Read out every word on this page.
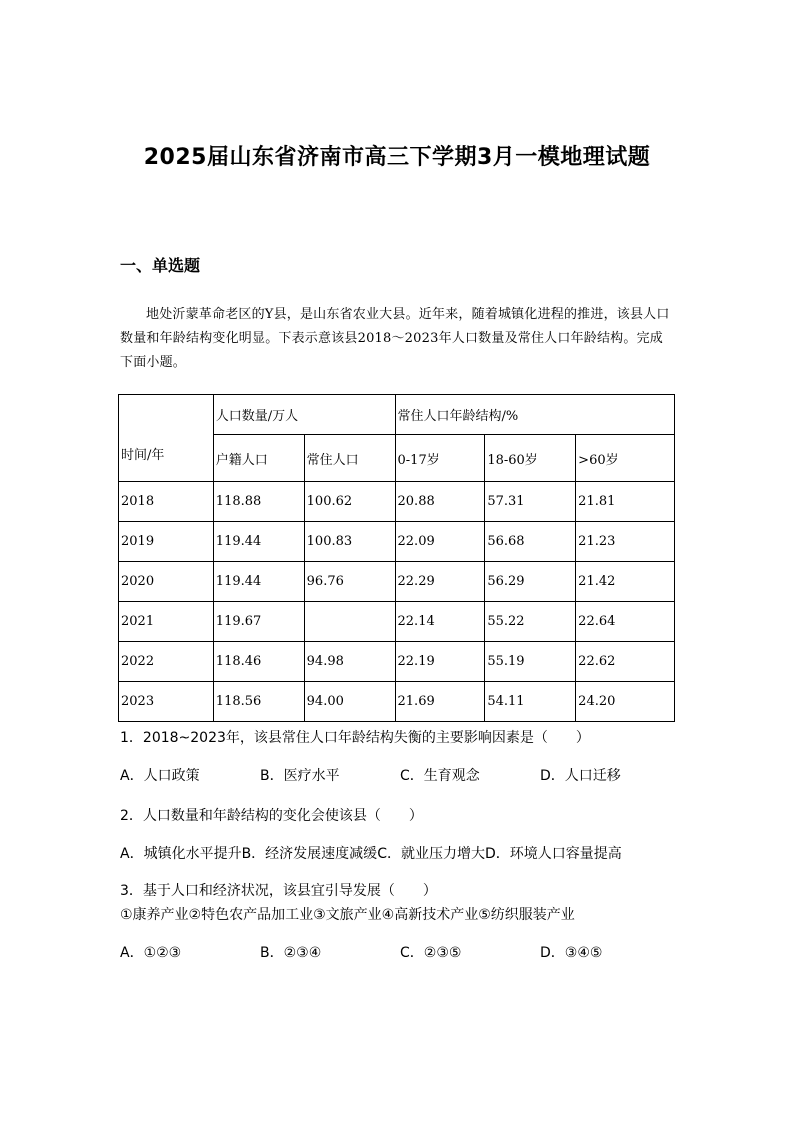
2025届山东省济南市高三下学期3月一模地理试题
一、单选题
地处沂蒙革命老区的Y县，是山东省农业大县。近年来，随着城镇化进程的推进，该县人口数量和年龄结构变化明显。下表示意该县2018～2023年人口数量及常住人口年龄结构。完成下面小题。
时间/年	人口数量/万人		常住人口年龄结构/%		
	户籍人口	常住人口	0-17岁	18-60岁	>60岁
2018	118.88	100.62	20.88	57.31	21.81
2019	119.44	100.83	22.09	56.68	21.23
2020	119.44	96.76	22.29	56.29	21.42
2021	119.67		22.14	55.22	22.64
2022	118.46	94.98	22.19	55.19	22.62
2023	118.56	94.00	21.69	54.11	24.20
1．2018~2023年，该县常住人口年龄结构失衡的主要影响因素是（　　）
A．人口政策	B．医疗水平	C．生育观念	D．人口迁移
2．人口数量和年龄结构的变化会使该县（　　）
A．城镇化水平提升B．经济发展速度减缓C．就业压力增大D．环境人口容量提高
3．基于人口和经济状况，该县宜引导发展（　　）
①康养产业②特色农产品加工业③文旅产业④高新技术产业⑤纺织服装产业
A．①②③	B．②③④	C．②③⑤	D．③④⑤
